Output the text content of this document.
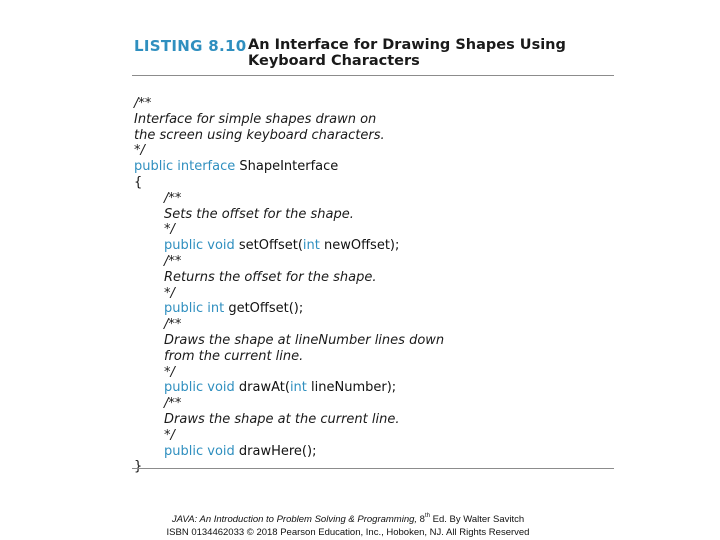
LISTING 8.10 An Interface for Drawing Shapes Using
Keyboard Characters
/**
Interface for simple shapes drawn on
the screen using keyboard characters.
*/
public interface ShapeInterface
{
/**
Sets the offset for the shape.
*/
public void setOffset(int newOffset);
/**
Returns the offset for the shape.
*/
public int getOffset();
/**
Draws the shape at lineNumber lines down
from the current line.
*/
public void drawAt(int lineNumber);
/**
Draws the shape at the current line.
*/
public void drawHere();
}
JAVA: An Introduction to Problem Solving & Programming, 8th Ed. By Walter Savitch
ISBN 0134462033 © 2018 Pearson Education, Inc., Hoboken, NJ. All Rights Reserved
